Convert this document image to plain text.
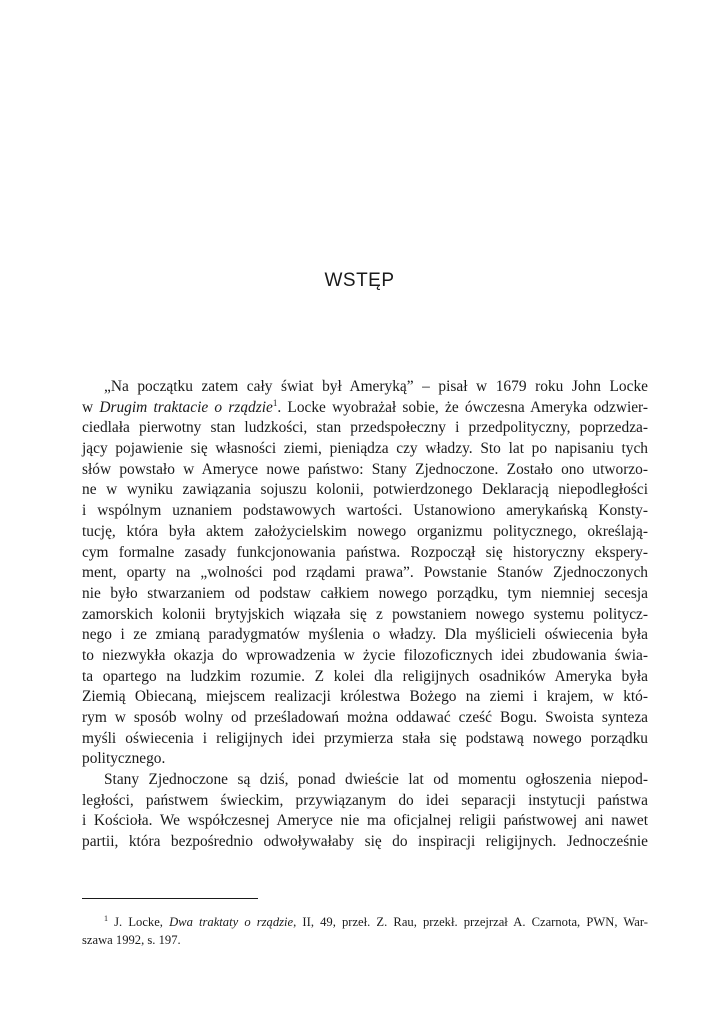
WSTĘP
„Na początku zatem cały świat był Ameryką” – pisał w 1679 roku John Locke
w Drugim traktacie o rządzie$^1$. Locke wyobrażał sobie, że ówczesna Ameryka odzwier-
ciedlała pierwotny stan ludzkości, stan przedspołeczny i przedpolityczny, poprzedza-
jący pojawienie się własności ziemi, pieniądza czy władzy. Sto lat po napisaniu tych
słów powstało w Ameryce nowe państwo: Stany Zjednoczone. Zostało ono utworzo-
ne w wyniku zawiązania sojuszu kolonii, potwierdzonego Deklaracją niepodległości
i wspólnym uznaniem podstawowych wartości. Ustanowiono amerykańską Konsty-
tucję, która była aktem założycielskim nowego organizmu politycznego, określają-
cym formalne zasady funkcjonowania państwa. Rozpoczął się historyczny ekspery-
ment, oparty na „wolności pod rządami prawa”. Powstanie Stanów Zjednoczonych
nie było stwarzaniem od podstaw całkiem nowego porządku, tym niemniej secesja
zamorskich kolonii brytyjskich wiązała się z powstaniem nowego systemu politycz-
nego i ze zmianą paradygmatów myślenia o władzy. Dla myślicieli oświecenia była
to niezwykła okazja do wprowadzenia w życie filozoficznych idei zbudowania świa-
ta opartego na ludzkim rozumie. Z kolei dla religijnych osadników Ameryka była
Ziemią Obiecaną, miejscem realizacji królestwa Bożego na ziemi i krajem, w któ-
rym w sposób wolny od prześladowań można oddawać cześć Bogu. Swoista synteza
myśli oświecenia i religijnych idei przymierza stała się podstawą nowego porządku
politycznego.
Stany Zjednoczone są dziś, ponad dwieście lat od momentu ogłoszenia niepod-
ległości, państwem świeckim, przywiązanym do idei separacji instytucji państwa
i Kościoła. We współczesnej Ameryce nie ma oficjalnej religii państwowej ani nawet
partii, która bezpośrednio odwoływałaby się do inspiracji religijnych. Jednocześnie
$^1$ J. Locke, Dwa traktaty o rządzie, II, 49, przeł. Z. Rau, przekł. przejrzał A. Czarnota, PWN, War-
szawa 1992, s. 197.
